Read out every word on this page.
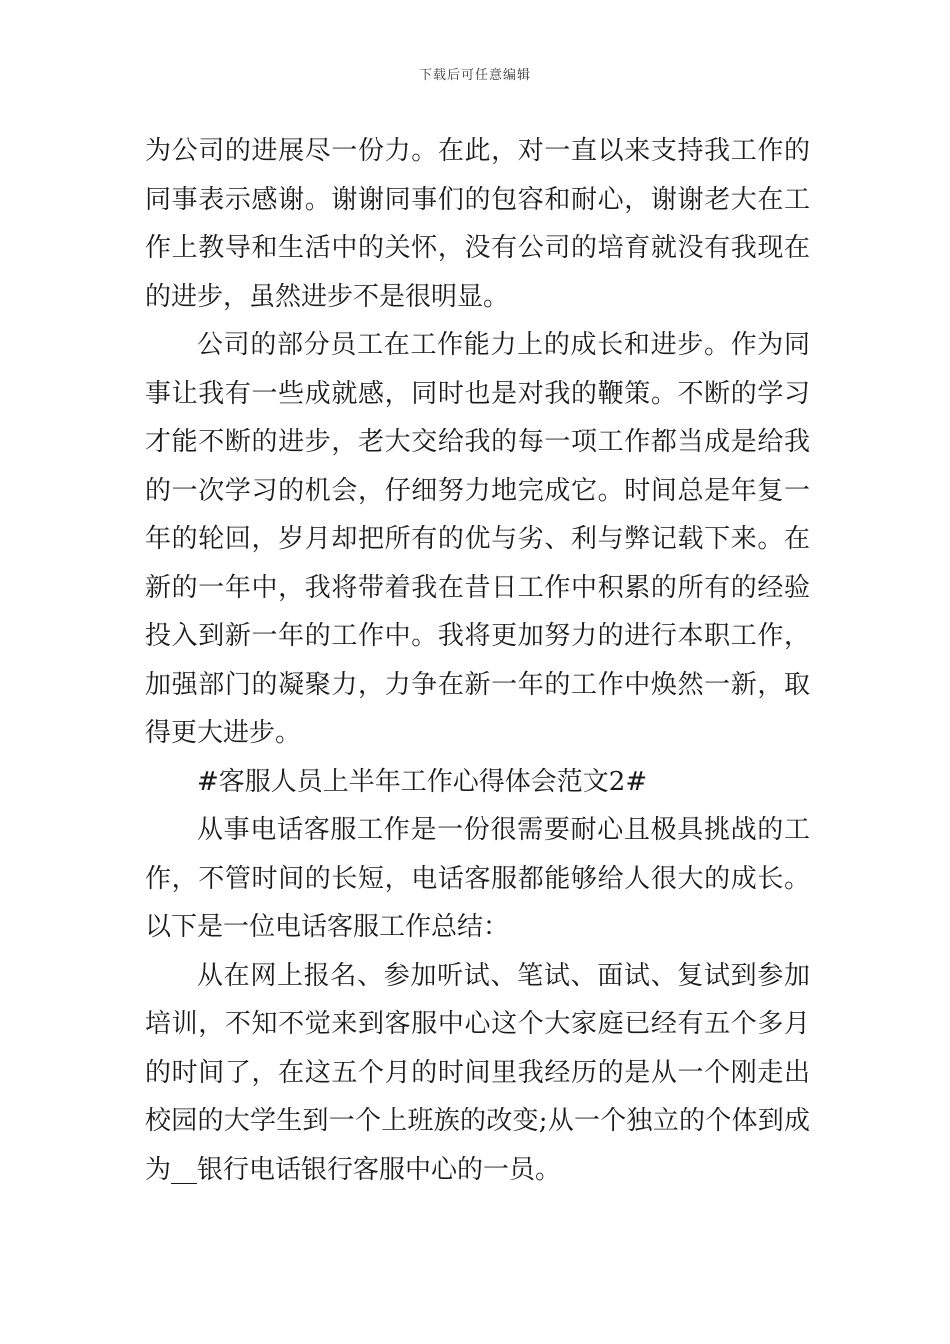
下载后可任意编辑
为公司的进展尽一份力。在此，对一直以来支持我工作的
同事表示感谢。谢谢同事们的包容和耐心，谢谢老大在工
作上教导和生活中的关怀，没有公司的培育就没有我现在
的进步，虽然进步不是很明显。
公司的部分员工在工作能力上的成长和进步。作为同
事让我有一些成就感，同时也是对我的鞭策。不断的学习
才能不断的进步，老大交给我的每一项工作都当成是给我
的一次学习的机会，仔细努力地完成它。时间总是年复一
年的轮回，岁月却把所有的优与劣、利与弊记载下来。在
新的一年中，我将带着我在昔日工作中积累的所有的经验
投入到新一年的工作中。我将更加努力的进行本职工作，
加强部门的凝聚力，力争在新一年的工作中焕然一新，取
得更大进步。
#客服人员上半年工作心得体会范文2#
从事电话客服工作是一份很需要耐心且极具挑战的工
作，不管时间的长短，电话客服都能够给人很大的成长。
以下是一位电话客服工作总结：
从在网上报名、参加听试、笔试、面试、复试到参加
培训，不知不觉来到客服中心这个大家庭已经有五个多月
的时间了，在这五个月的时间里我经历的是从一个刚走出
校园的大学生到一个上班族的改变;从一个独立的个体到成
为__银行电话银行客服中心的一员。
